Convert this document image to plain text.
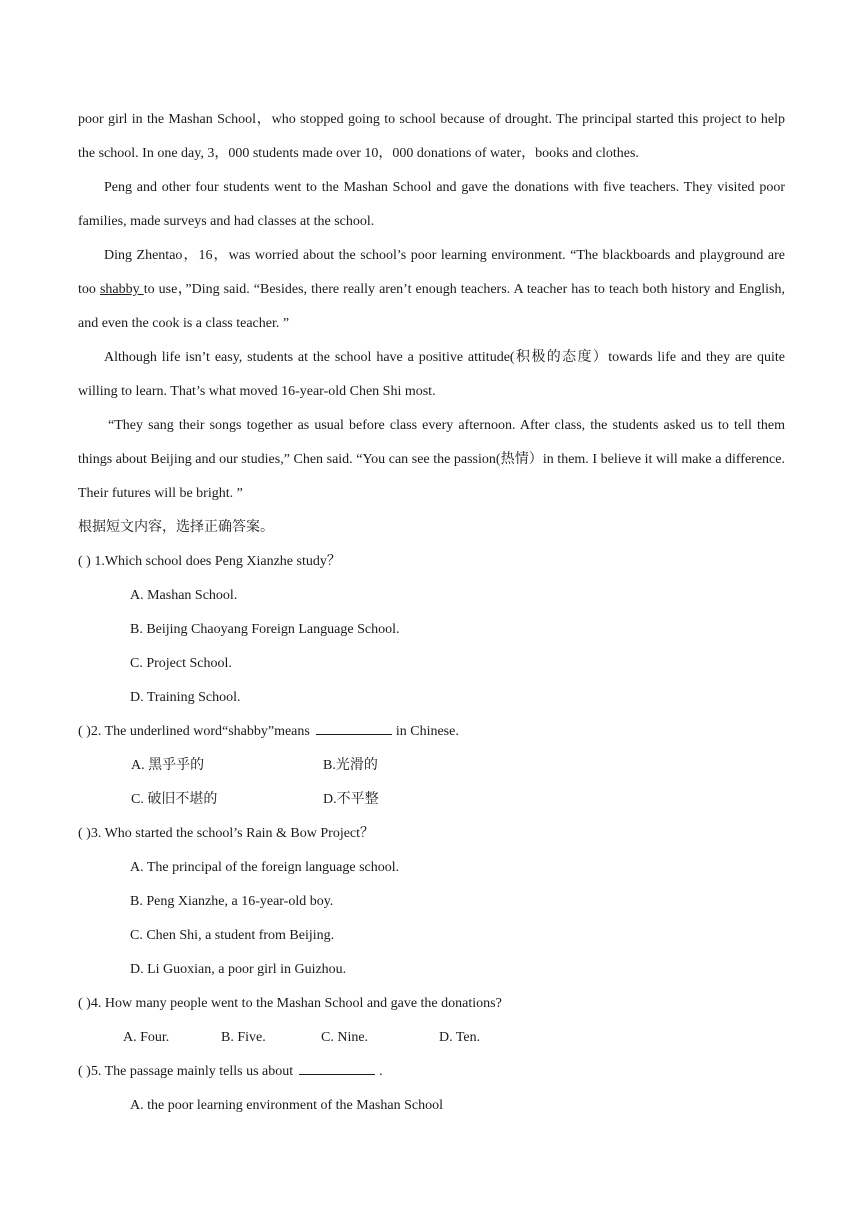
poor girl in the Mashan School，who stopped going to school because of drought. The principal started this project to help the school. In one day, 3，000 students made over 10，000 donations of water，books and clothes.

Peng and other four students went to the Mashan School and gave the donations with five teachers. They visited poor families, made surveys and had classes at the school.

Ding Zhentao，16，was worried about the school’s poor learning environment. “The blackboards and playground are too shabby to use，”Ding said. “Besides, there really aren’t enough teachers. A teacher has to teach both history and English, and even the cook is a class teacher. ”

Although life isn’t easy, students at the school have a positive attitude(积极的态度）towards life and they are quite willing to learn. That’s what moved 16-year-old Chen Shi most.

“They sang their songs together as usual before class every afternoon. After class, the students asked us to tell them things about Beijing and our studies,” Chen said. “You can see the passion(热情）in them. I believe it will make a difference. Their futures will be bright. ”

根据短文内容，选择正确答案。

( ) 1.Which school does Peng Xianzhe study？

A. Mashan School.

B. Beijing Chaoyang Foreign Language School.

C. Project School.

D. Training School.

( )2. The underlined word“shabby”means	in Chinese.

A. 黑乎乎的	B.光滑的

C. 破旧不堪的	D.不平整

( )3. Who started the school’s Rain & Bow Project？

A. The principal of the foreign language school.

B. Peng Xianzhe, a 16-year-old boy.

C. Chen Shi, a student from Beijing.

D. Li Guoxian, a poor girl in Guizhou.

( )4. How many people went to the Mashan School and gave the donations?

A. Four.	B. Five.	C. Nine.	D. Ten.

( )5. The passage mainly tells us about	.

A. the poor learning environment of the Mashan School
